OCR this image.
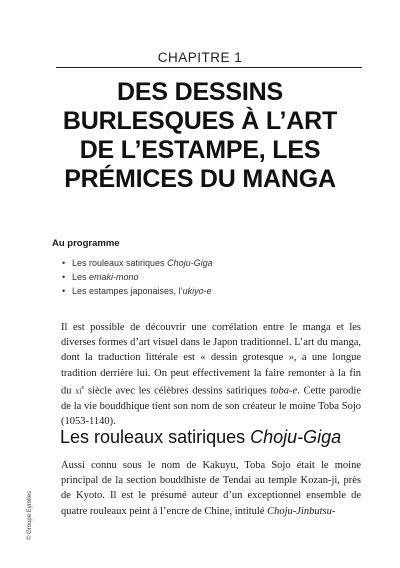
CHAPITRE 1
DES DESSINS
BURLESQUES À L’ART
DE L’ESTAMPE, LES
PRÉMICES DU MANGA
Au programme
• Les rouleaux satiriques Choju-Giga
• Les emaki-mono
• Les estampes japonaises, l’ukiyo-e

Il est possible de découvrir une corrélation entre le manga et les diverses formes d’art visuel dans le Japon traditionnel. L’art du manga, dont la traduction littérale est « dessin grotesque », a une longue tradition derrière lui. On peut effectivement la faire remonter à la fin du $xi^e$ siècle avec les célèbres dessins satiriques toba-e. Cette parodie de la vie bouddhique tient son nom de son créateur le moine Toba Sojo (1053-1140).

Les rouleaux satiriques Choju-Giga

Aussi connu sous le nom de Kakuyu, Toba Sojo était le moine principal de la section bouddhiste de Tendai au temple Kozan-ji, près de Kyoto. Il est le présumé auteur d’un exceptionnel ensemble de quatre rouleaux peint à l’encre de Chine, intitulé Choju-Jinbutsu-

© Groupe Eyrolles
